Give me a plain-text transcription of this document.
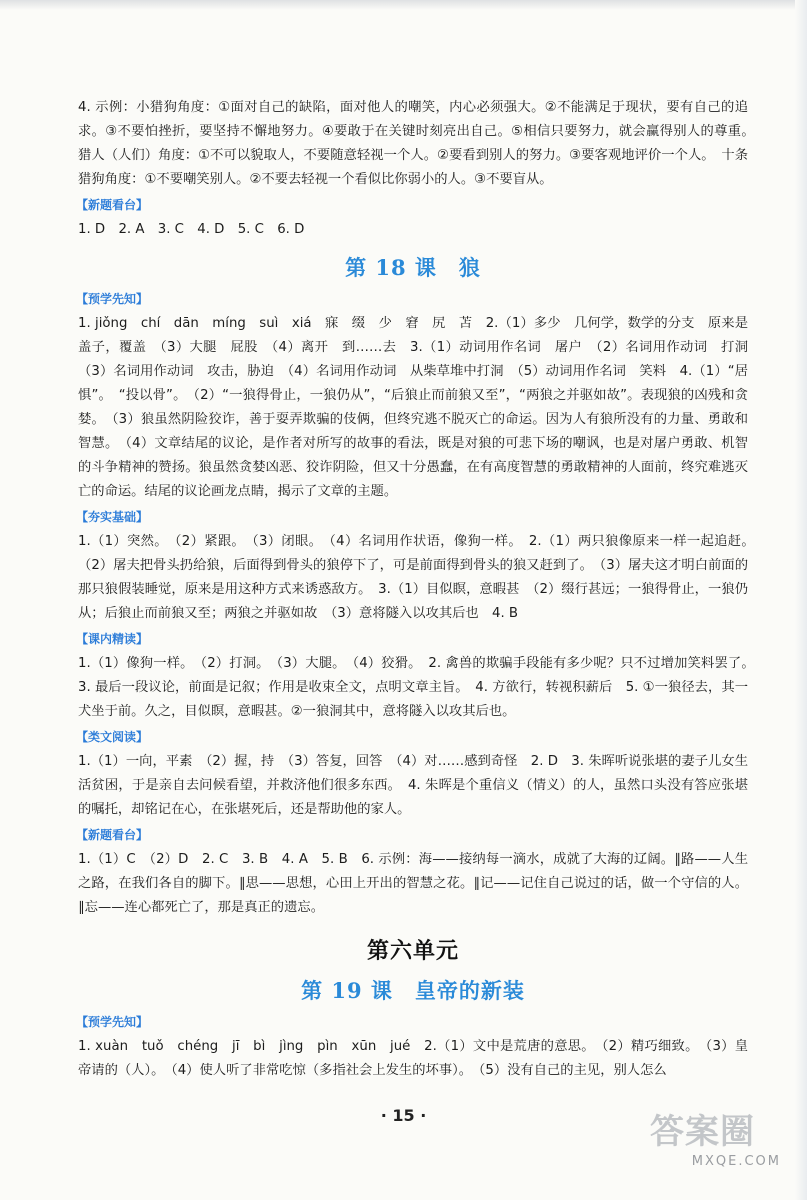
4. 示例：小猎狗角度：①面对自己的缺陷，面对他人的嘲笑，内心必须强大。②不能满足于现状，要有自己的追求。③不要怕挫折，要坚持不懈地努力。④要敢于在关键时刻亮出自己。⑤相信只要努力，就会赢得别人的尊重。　猎人（人们）角度：①不可以貌取人，不要随意轻视一个人。②要看到别人的努力。③要客观地评价一个人。　十条猎狗角度：①不要嘲笑别人。②不要去轻视一个看似比你弱小的人。③不要盲从。

【新题看台】

1. D　2. A　3. C　4. D　5. C　6. D

第 18 课 狼
【预学先知】

1. jiǒng　chí　dān　míng　suì　xiá　寐　缀　少　窘　尻　苫　2.（1）多少　几何学，数学的分支　原来是　盖子，覆盖　（3）大腿　屁股　（4）离开　到……去　3.（1）动词用作名词　屠户　（2）名词用作动词　打洞　（3）名词用作动词　攻击，胁迫　（4）名词用作动词　从柴草堆中打洞　（5）动词用作名词　笑料　4.（1）“居惧”。　“投以骨”。　（2）“一狼得骨止，一狼仍从”，“后狼止而前狼又至”，“两狼之并驱如故”。表现狼的凶残和贪婪。　（3）狼虽然阴险狡诈，善于耍弄欺骗的伎俩，但终究逃不脱灭亡的命运。因为人有狼所没有的力量、勇敢和智慧。　（4）文章结尾的议论，是作者对所写的故事的看法，既是对狼的可悲下场的嘲讽，也是对屠户勇敢、机智的斗争精神的赞扬。狼虽然贪婪凶恶、狡诈阴险，但又十分愚蠢，在有高度智慧的勇敢精神的人面前，终究难逃灭亡的命运。结尾的议论画龙点睛，揭示了文章的主题。

【夯实基础】

1.（1）突然。　（2）紧跟。　（3）闭眼。　（4）名词用作状语，像狗一样。　2.（1）两只狼像原来一样一起追赶。　（2）屠夫把骨头扔给狼，后面得到骨头的狼停下了，可是前面得到骨头的狼又赶到了。　（3）屠夫这才明白前面的那只狼假装睡觉，原来是用这种方式来诱惑敌方。　3.（1）目似瞑，意暇甚　（2）缀行甚远；一狼得骨止，一狼仍从；后狼止而前狼又至；两狼之并驱如故　（3）意将隧入以攻其后也　4. B

【课内精读】

1.（1）像狗一样。　（2）打洞。　（3）大腿。　（4）狡猾。　2. 禽兽的欺骗手段能有多少呢？只不过增加笑料罢了。　3. 最后一段议论，前面是记叙；作用是收束全文，点明文章主旨。　4. 方欲行，转视积薪后　5. ①一狼径去，其一犬坐于前。久之，目似瞑，意暇甚。②一狼洞其中，意将隧入以攻其后也。

【类文阅读】

1.（1）一向，平素　（2）握，持　（3）答复，回答　（4）对……感到奇怪　2. D　3. 朱晖听说张堪的妻子儿女生活贫困，于是亲自去问候看望，并救济他们很多东西。　4. 朱晖是个重信义（情义）的人，虽然口头没有答应张堪的嘱托，却铭记在心，在张堪死后，还是帮助他的家人。

【新题看台】

1.（1）C　（2）D　2. C　3. B　4. A　5. B　6. 示例：海——接纳每一滴水，成就了大海的辽阔。∥路——人生之路，在我们各自的脚下。∥思——思想，心田上开出的智慧之花。∥记——记住自己说过的话，做一个守信的人。∥忘——连心都死亡了，那是真正的遗忘。

第六单元
第 19 课 皇帝的新装
【预学先知】

1. xuàn　tuǒ　chéng　jī　bì　jìng　pìn　xūn　jué　2.（1）文中是荒唐的意思。　（2）精巧细致。　（3）皇帝请的（人）。　（4）使人听了非常吃惊（多指社会上发生的坏事）。　（5）没有自己的主见，别人怎么

· 15 ·	答案圈
MXQE.COM
